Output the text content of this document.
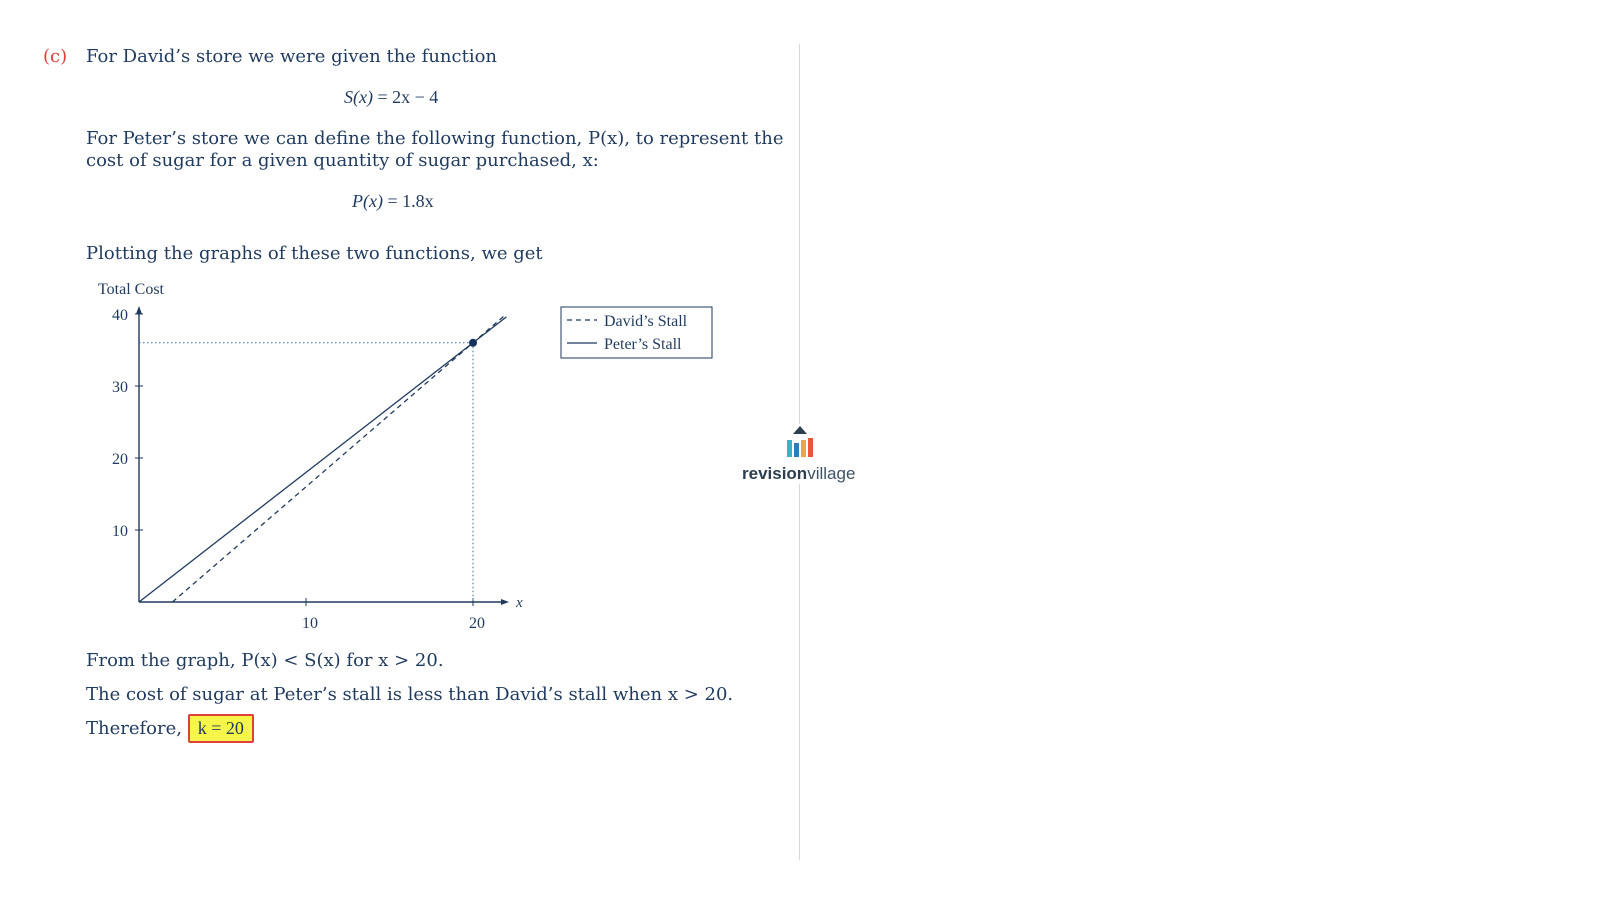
(c) For David’s store we were given the function
S(x) = 2x − 4
For Peter’s store we can define the following function, P(x), to represent the
cost of sugar for a given quantity of sugar purchased, x:
P(x) = 1.8x
Plotting the graphs of these two functions, we get
Total Cost
x
10
20
30
40
10	20
David’s Stall
Peter’s Stall
From the graph, P(x) < S(x) for x > 20.
The cost of sugar at Peter’s stall is less than David’s stall when x > 20.
Therefore, k = 20
revisionvillage
